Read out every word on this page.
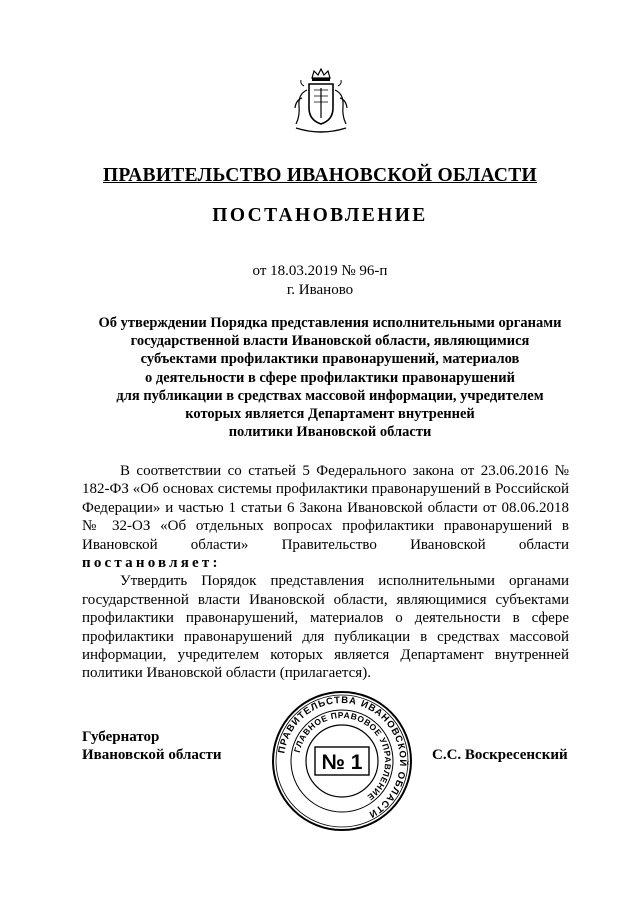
ПРАВИТЕЛЬСТВО ИВАНОВСКОЙ ОБЛАСТИ
ПОСТАНОВЛЕНИЕ
от 18.03.2019 № 96-п
г. Иваново
Об утверждении Порядка представления исполнительными органами
государственной власти Ивановской области, являющимися
субъектами профилактики правонарушений, материалов
о деятельности в сфере профилактики правонарушений
для публикации в средствах массовой информации, учредителем
которых является Департамент внутренней
политики Ивановской области

В соответствии со статьей 5 Федерального закона от 23.06.2016 № 182-ФЗ «Об основах системы профилактики правонарушений в Российской Федерации» и частью 1 статьи 6 Закона Ивановской области от 08.06.2018 № 32-ОЗ «Об отдельных вопросах профилактики правонарушений в Ивановской области» Правительство Ивановской области постановляет:

Утвердить Порядок представления исполнительными органами государственной власти Ивановской области, являющимися субъектами профилактики правонарушений, материалов о деятельности в сфере профилактики правонарушений для публикации в средствах массовой информации, учредителем которых является Департамент внутренней политики Ивановской области (прилагается).

Губернатор
Ивановской области	ПРАВИТЕЛЬСТВА ИВАНОВСКОЙ ОБЛАСТИ
ГЛАВНОЕ ПРАВОВОЕ УПРАВЛЕНИЕ
№ 1	С.С. Воскресенский
